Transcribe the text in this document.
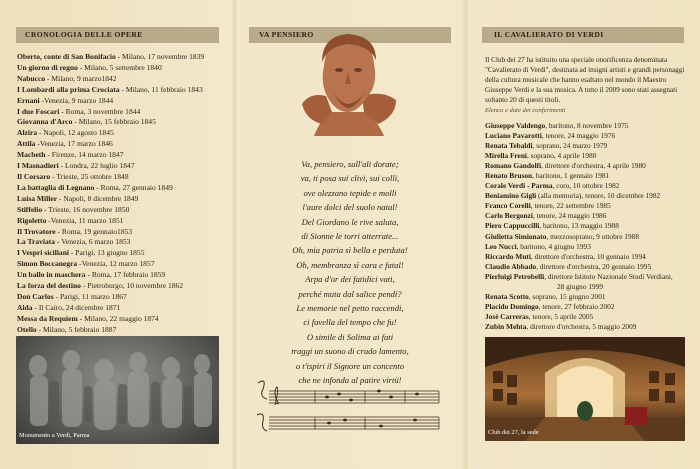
CRONOLOGIA DELLE OPERE
Oberto, conte di San Bonifacio - Milano, 17 novembre 1839
Un giorno di regno - Milano, 5 settembre 1840
Nabucco - Milano, 9 marzo1842
I Lombardi alla prima Crociata - Milano, 11 febbraio 1843
Ernani -Venezia, 9 marzo 1844
I due Foscari - Roma, 3 novembre 1844
Giovanna d'Arco - Milano, 15 febbraio 1845
Alzira - Napoli, 12 agosto 1845
Attila -Venezia, 17 marzo 1846
Macbeth - Firenze, 14 marzo 1847
I Masnadieri - Londra, 22 luglio 1847
Il Corsaro - Trieste, 25 ottobre 1848
La battaglia di Legnano - Roma, 27 gennaio 1849
Luisa Miller - Napoli, 8 dicembre 1849
Stiffelio - Trieste, 16 novembre 1850
Rigoletto -Venezia, 11 marzo 1851
Il Trovatore - Roma, 19 gennaio1853
La Traviata - Venezia, 6 marzo 1853
I Vespri siciliani - Parigi, 13 giugno 1855
Simon Boccanegra -Venezia, 12 marzo 1857
Un ballo in maschera - Roma, 17 febbraio 1859
La forza del destino - Pietroburgo, 10 novembre 1862
Don Carlos - Parigi, 11 marzo 1867
Aida - Il Cairo, 24 dicembre 1871
Messa da Requiem - Milano, 22 maggio 1874
Otello - Milano, 5 febbraio 1887
Monumento a Verdi, Parma
VA PENSIERO
Va, pensiero, sull'ali dorate;
va, ti posa sui clivi, sui colli,
ove olezzano tepide e molli
l'aure dolci del suolo natal!
Del Giordano le rive saluta,
di Sionne le torri atterrate...
Oh, mia patria sì bella e perduta!
Oh, membranza sì cara e fatal!
Arpa d'or dei fatidici vati,
perché muta dal salice pendi?
Le memorie nel petto raccendi,
ci favella del tempo che fu!
O simile di Solima ai fati
traggi un suono di crudo lamento,
o t'ispiri il Signore un concento
che ne infonda al patire virtù!
IL CAVALIERATO DI VERDI
Il Club dei 27 ha istituito una speciale onorificenza denominata "Cavalierato di Verdi", destinata ad insigni artisti e grandi personaggi della cultura musicale che hanno esaltato nel mondo il Maestro Giuseppe Verdi e la sua musica. A tutto il 2009 sono stati assegnati soltanto 20 di questi titoli.
Elenco e date dei conferimenti
Giuseppe Valdengo, baritono, 8 novembre 1975
Luciano Pavarotti, tenore, 24 maggio 1976
Renata Tebaldi, soprano, 24 marzo 1979
Mirella Freni, soprano, 4 aprile 1980
Romano Gandolfi, direttore d'orchestra, 4 aprile 1980
Renato Bruson, baritono, 1 gennaio 1981
Corale Verdi - Parma, coro, 10 ottobre 1982
Beniamino Gigli (alla memoria), tenore, 10 dicembre 1982
Franco Corelli, tenore, 22 settembre 1985
Carlo Bergonzi, tenore, 24 maggio 1986
Piero Cappuccilli, baritono, 13 maggio 1988
Giulietta Simionato, mezzosoprano, 9 ottobre 1988
Leo Nucci, baritono, 4 giugno 1993
Riccardo Muti, direttore d'orchestra, 10 gennaio 1994
Claudio Abbado, direttore d'orchestra, 20 gennaio 1995
Pierluigi Petrobelli, direttore Istituto Nazionale Studi Verdiani,
28 giugno 1999
Renata Scotto, soprano, 15 giugno 2001
Placido Domingo, tenore, 27 febbraio 2002
Josè Carreras, tenore, 5 aprile 2005
Zubin Mehta, direttore d'orchestra, 5 maggio 2009
Club dei 27, la sede
